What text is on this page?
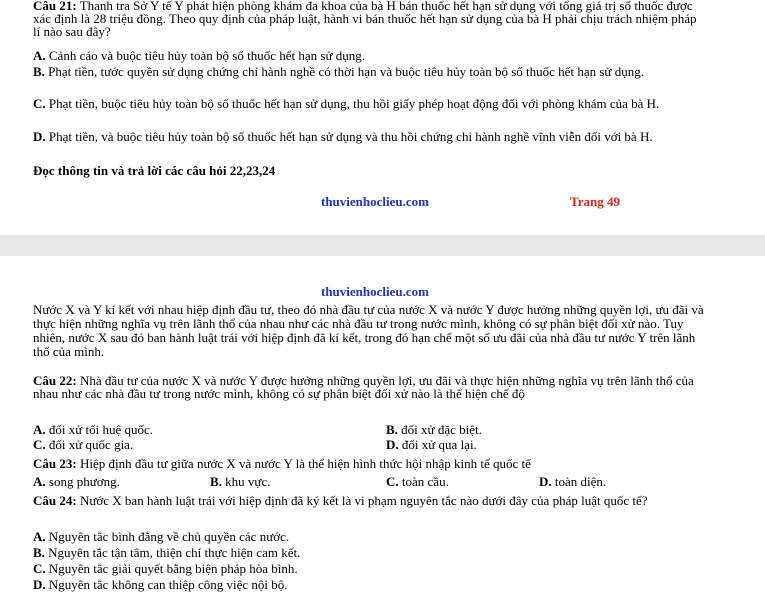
Câu 21: Thanh tra Sở Y tế Y phát hiện phòng khám đa khoa của bà H bán thuốc hết hạn sử dụng với tổng giá trị số thuốc được xác định là 28 triệu đồng. Theo quy định của pháp luật, hành vi bán thuốc hết hạn sử dụng của bà H phải chịu trách nhiệm pháp lí nào sau đây?
A. Cảnh cáo và buộc tiêu hủy toàn bộ số thuốc hết hạn sử dụng.
B. Phạt tiền, tước quyền sử dụng chứng chỉ hành nghề có thời hạn và buộc tiêu hủy toàn bộ số thuốc hết hạn sử dụng.
C. Phạt tiền, buộc tiêu hủy toàn bộ số thuốc hết hạn sử dụng, thu hồi giấy phép hoạt động đối với phòng khám của bà H.
D. Phạt tiền, và buộc tiêu hủy toàn bộ số thuốc hết hạn sử dụng và thu hồi chứng chỉ hành nghề vĩnh viễn đối với bà H.
Đọc thông tin và trả lời các câu hỏi 22,23,24
thuvienhoclieu.com	Trang 49
thuvienhoclieu.com
Nước X và Y kí kết với nhau hiệp định đầu tư, theo đó nhà đầu tư của nước X và nước Y được hưởng những quyền lợi, ưu đãi và thực hiện những nghĩa vụ trên lãnh thổ của nhau như các nhà đầu tư trong nước mình, không có sự phân biệt đối xử nào. Tuy nhiên, nước X sau đó ban hành luật trái với hiệp định đã kí kết, trong đó hạn chế một số ưu đãi của nhà đầu tư nước Y trên lãnh thổ của mình.
Câu 22: Nhà đầu tư của nước X và nước Y được hưởng những quyền lợi, ưu đãi và thực hiện những nghĩa vụ trên lãnh thổ của nhau như các nhà đầu tư trong nước mình, không có sự phân biệt đối xử nào là thể hiện chế độ
A. đối xử tối huệ quốc.	B. đối xử đặc biệt.
C. đối xử quốc gia.	D. đối xử qua lại.
Câu 23: Hiệp định đầu tư giữa nước X và nước Y là thể hiện hình thức hội nhập kinh tế quốc tế
A. song phương.	B. khu vực.	C. toàn cầu.	D. toàn diện.
Câu 24: Nước X ban hành luật trái với hiệp định đã ký kết là vi phạm nguyên tắc nào dưới đây của pháp luật quốc tế?
A. Nguyên tắc bình đẳng về chủ quyền các nước.
B. Nguyên tắc tận tâm, thiện chí thực hiện cam kết.
C. Nguyên tắc giải quyết bằng biện pháp hòa bình.
D. Nguyên tắc không can thiệp công việc nội bộ.
